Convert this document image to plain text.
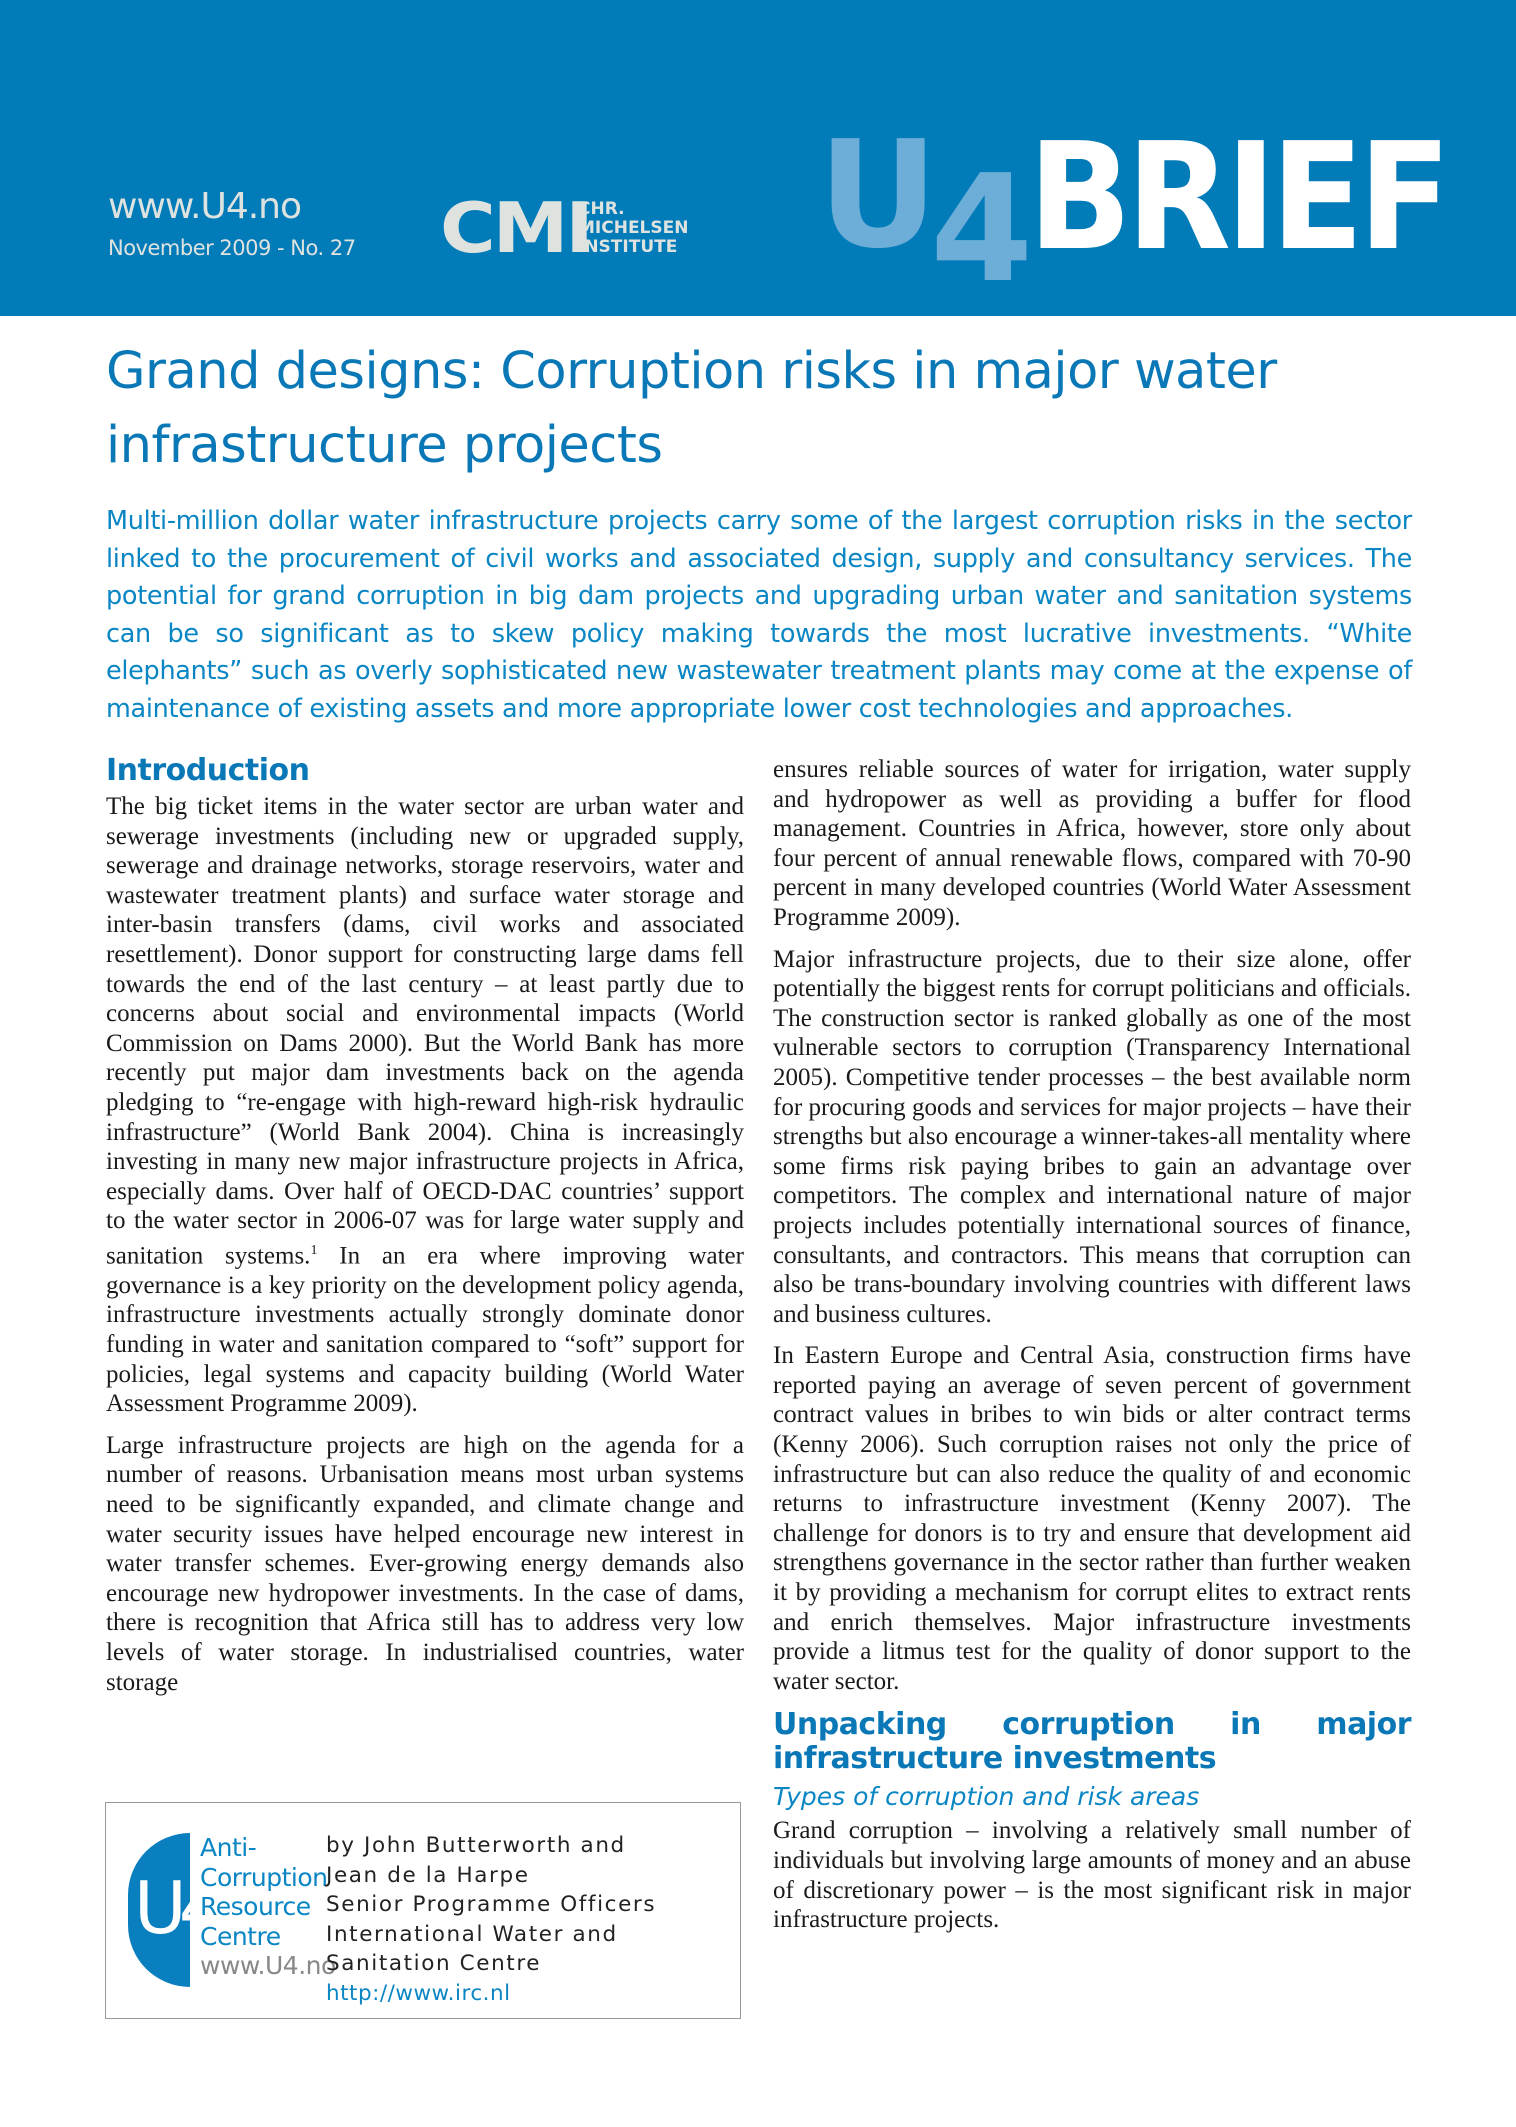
www.U4.no
November 2009 - No. 27 CMI
CHR.
MICHELSEN
INSTITUTE U4
BRIEF
Grand designs: Corruption risks in major water infrastructure projects
Multi-million dollar water infrastructure projects carry some of the largest corruption risks in the sector linked to the procurement of civil works and associated design, supply and consultancy services. The potential for grand corruption in big dam projects and upgrading urban water and sanitation systems can be so significant as to skew policy making towards the most lucrative investments. “White elephants” such as overly sophisticated new wastewater treatment plants may come at the expense of maintenance of existing assets and more appropriate lower cost technologies and approaches.
Introduction

The big ticket items in the water sector are urban water and sewerage investments (including new or upgraded supply, sewerage and drainage networks, storage reservoirs, water and wastewater treatment plants) and surface water storage and inter-basin transfers (dams, civil works and associated resettlement). Donor support for constructing large dams fell towards the end of the last century – at least partly due to concerns about social and environmental impacts (World Commission on Dams 2000). But the World Bank has more recently put major dam investments back on the agenda pledging to “re-engage with high-reward high-risk hydraulic infrastructure” (World Bank 2004). China is increasingly investing in many new major infrastructure projects in Africa, especially dams. Over half of OECD-DAC countries’ support to the water sector in 2006-07 was for large water supply and sanitation systems.$^1$ In an era where improving water governance is a key priority on the development policy agenda, infrastructure investments actually strongly dominate donor funding in water and sanitation compared to “soft” support for policies, legal systems and capacity building (World Water Assessment Programme 2009).

Large infrastructure projects are high on the agenda for a number of reasons. Urbanisation means most urban systems need to be significantly expanded, and climate change and water security issues have helped encourage new interest in water transfer schemes. Ever-growing energy demands also encourage new hydropower investments. In the case of dams, there is recognition that Africa still has to address very low levels of water storage. In industrialised countries, water storage

ensures reliable sources of water for irrigation, water supply and hydropower as well as providing a buffer for flood management. Countries in Africa, however, store only about four percent of annual renewable flows, compared with 70-90 percent in many developed countries (World Water Assessment Programme 2009).

Major infrastructure projects, due to their size alone, offer potentially the biggest rents for corrupt politicians and officials. The construction sector is ranked globally as one of the most vulnerable sectors to corruption (Transparency International 2005). Competitive tender processes – the best available norm for procuring goods and services for major projects – have their strengths but also encourage a winner-takes-all mentality where some firms risk paying bribes to gain an advantage over competitors. The complex and international nature of major projects includes potentially international sources of finance, consultants, and contractors. This means that corruption can also be trans-boundary involving countries with different laws and business cultures.

In Eastern Europe and Central Asia, construction firms have reported paying an average of seven percent of government contract values in bribes to win bids or alter contract terms (Kenny 2006). Such corruption raises not only the price of infrastructure but can also reduce the quality of and economic returns to infrastructure investment (Kenny 2007). The challenge for donors is to try and ensure that development aid strengthens governance in the sector rather than further weaken it by providing a mechanism for corrupt elites to extract rents and enrich themselves. Major infrastructure investments provide a litmus test for the quality of donor support to the water sector.

Unpacking corruption in major infrastructure investments
Types of corruption and risk areas

Grand corruption – involving a relatively small number of individuals but involving large amounts of money and an abuse of discretionary power – is the most significant risk in major infrastructure projects.

U4
Anti-
Corruption
Resource
Centre
www.U4.no
by John Butterworth and
Jean de la Harpe
Senior Programme Officers
International Water and
Sanitation Centre
http://www.irc.nl
